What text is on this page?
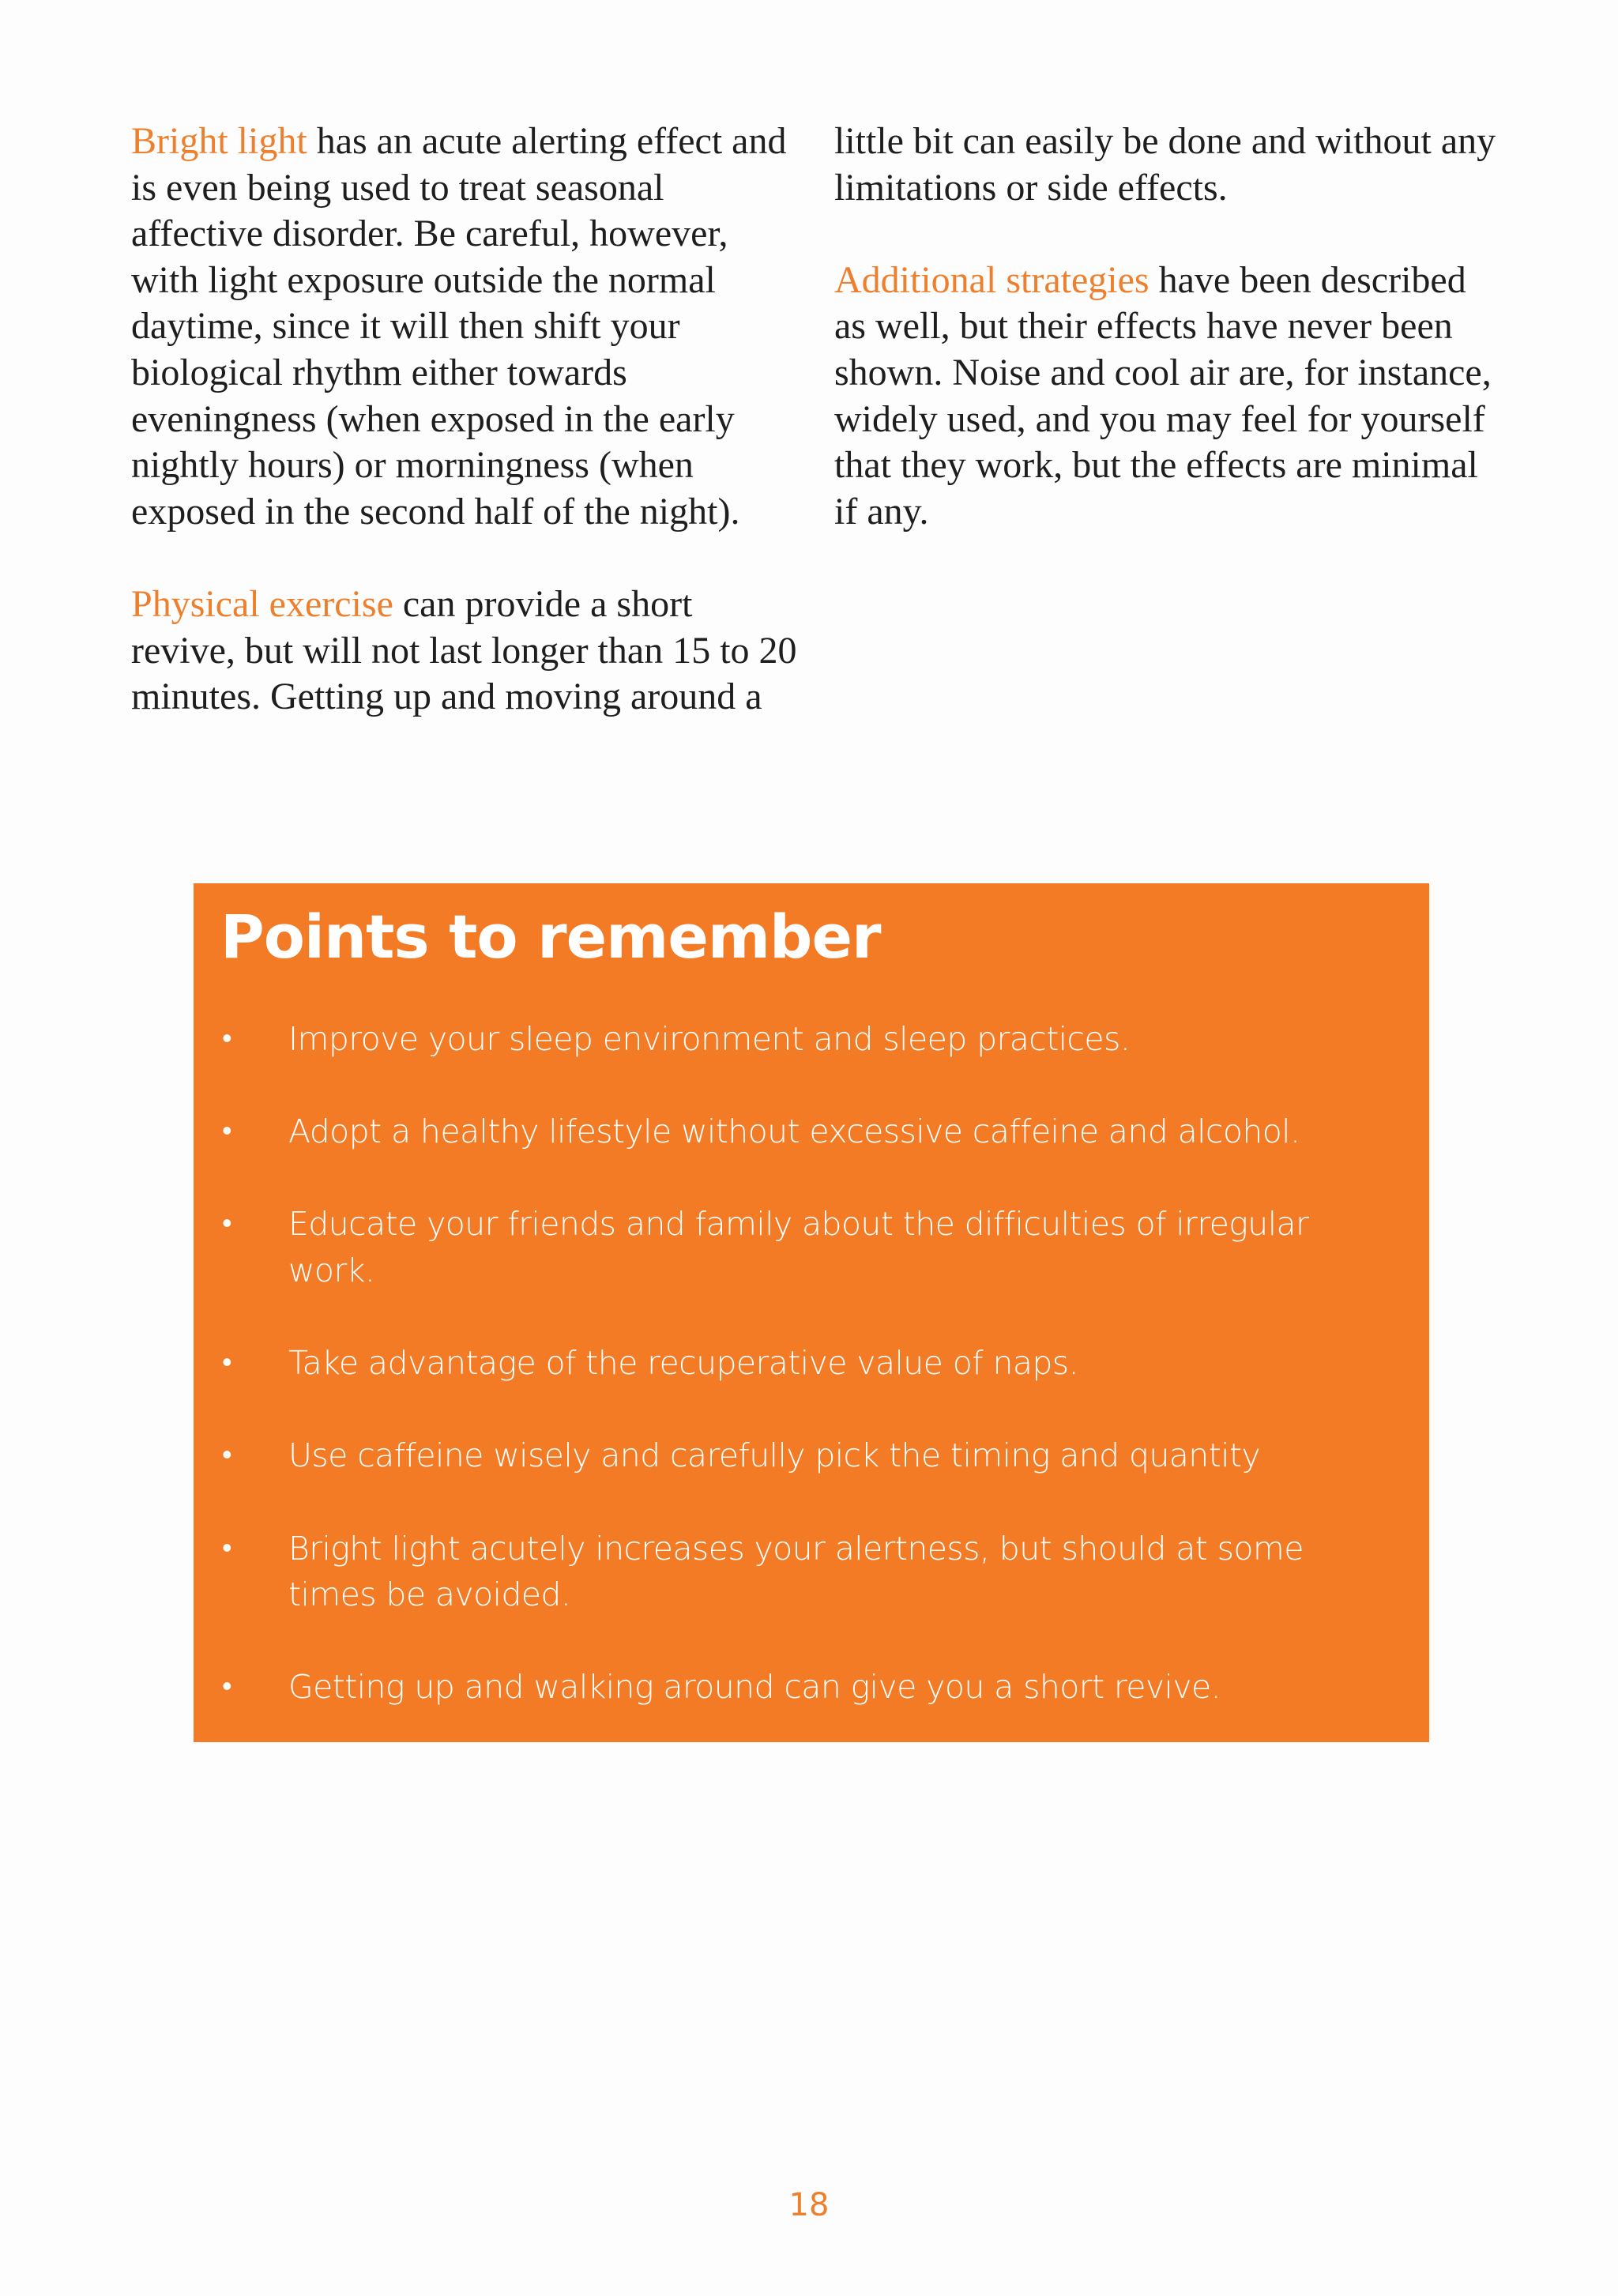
Bright light has an acute alerting effect and is even being used to treat seasonal affective disorder. Be careful, however, with light exposure outside the normal daytime, since it will then shift your biological rhythm either towards eveningness (when exposed in the early nightly hours) or morningness (when exposed in the second half of the night).

Physical exercise can provide a short revive, but will not last longer than 15 to 20 minutes. Getting up and moving around a little bit can easily be done and without any limitations or side effects.

Additional strategies have been described as well, but their effects have never been shown. Noise and cool air are, for instance, widely used, and you may feel for yourself that they work, but the effects are minimal if any.

Points to remember
• Improve your sleep environment and sleep practices.
• Adopt a healthy lifestyle without excessive caffeine and alcohol.
• Educate your friends and family about the difficulties of irregular work.
• Take advantage of the recuperative value of naps.
• Use caffeine wisely and carefully pick the timing and quantity
• Bright light acutely increases your alertness, but should at some times be avoided.
• Getting up and walking around can give you a short revive.
18
